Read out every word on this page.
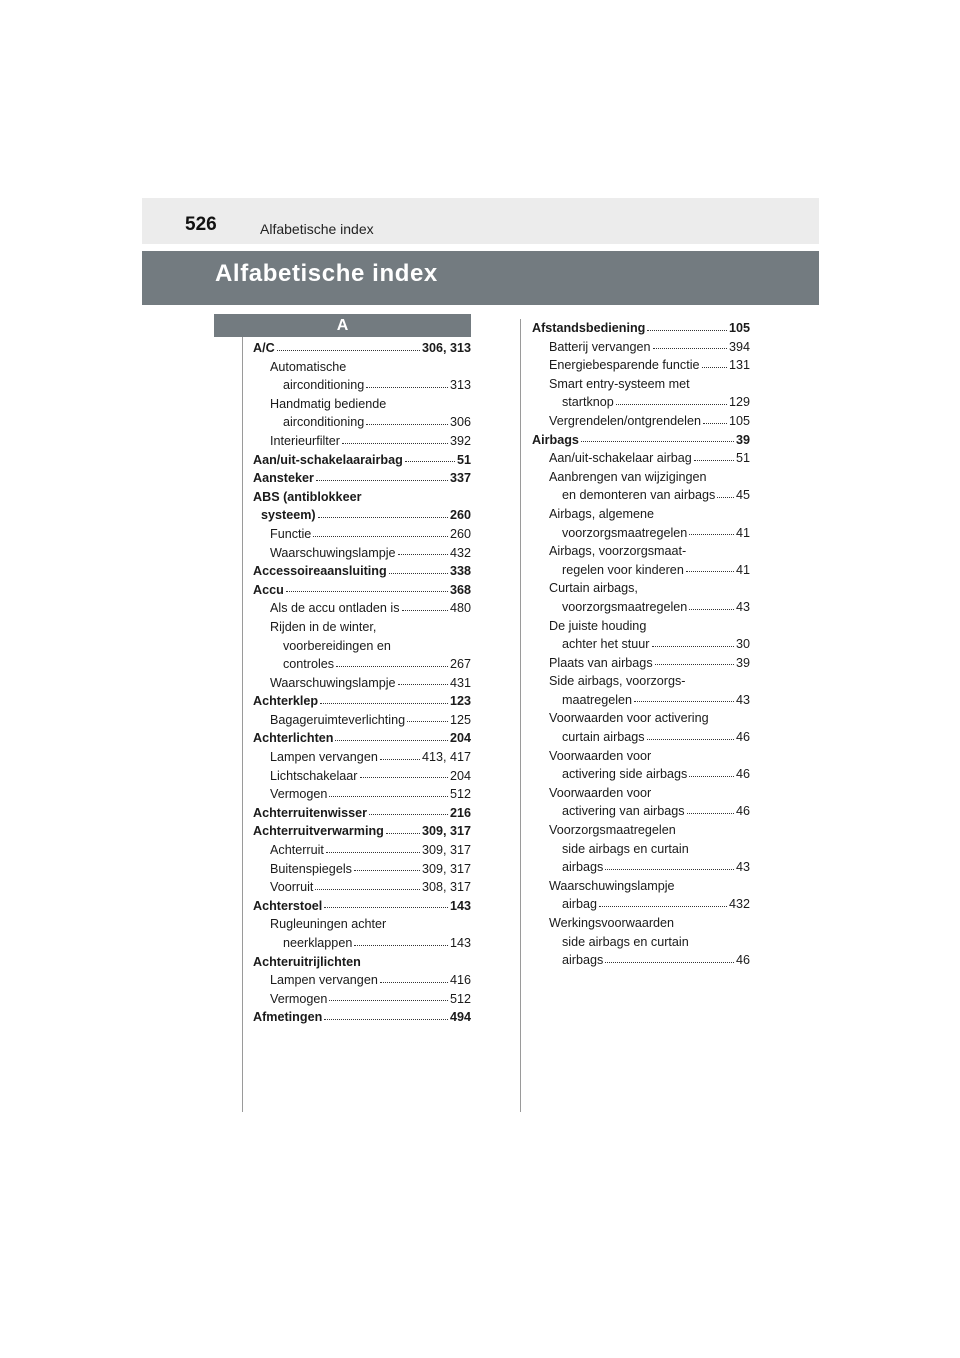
526	Alfabetische index
Alfabetische index
A
A/C	306, 313
Automatische
airconditioning	313
Handmatig bediende
airconditioning	306
Interieurfilter	392
Aan/uit-schakelaarairbag	51
Aansteker	337
ABS (antiblokkeer
systeem)	260
Functie	260
Waarschuwingslampje	432
Accessoireaansluiting	338
Accu	368
Als de accu ontladen is	480
Rijden in de winter,
voorbereidingen en
controles	267
Waarschuwingslampje	431
Achterklep	123
Bagageruimteverlichting	125
Achterlichten	204
Lampen vervangen	413, 417
Lichtschakelaar	204
Vermogen	512
Achterruitenwisser	216
Achterruitverwarming	309, 317
Achterruit	309, 317
Buitenspiegels	309, 317
Voorruit	308, 317
Achterstoel	143
Rugleuningen achter
neerklappen	143
Achteruitrijlichten
Lampen vervangen	416
Vermogen	512
Afmetingen	494
Afstandsbediening	105
Batterij vervangen	394
Energiebesparende functie 131
Smart entry-systeem met
startknop	129
Vergrendelen/ontgrendelen 105
Airbags	39
Aan/uit-schakelaar airbag	51
Aanbrengen van wijzigingen
en demonteren van airbags 45
Airbags, algemene
voorzorgsmaatregelen	41
Airbags, voorzorgsmaat-
regelen voor kinderen	41
Curtain airbags,
voorzorgsmaatregelen	43
De juiste houding
achter het stuur	30
Plaats van airbags	39
Side airbags, voorzorgs-
maatregelen	43
Voorwaarden voor activering
curtain airbags	46
Voorwaarden voor
activering side airbags	46
Voorwaarden voor
activering van airbags	46
Voorzorgsmaatregelen
side airbags en curtain
airbags	43
Waarschuwingslampje
airbag	432
Werkingsvoorwaarden
side airbags en curtain
airbags	46
